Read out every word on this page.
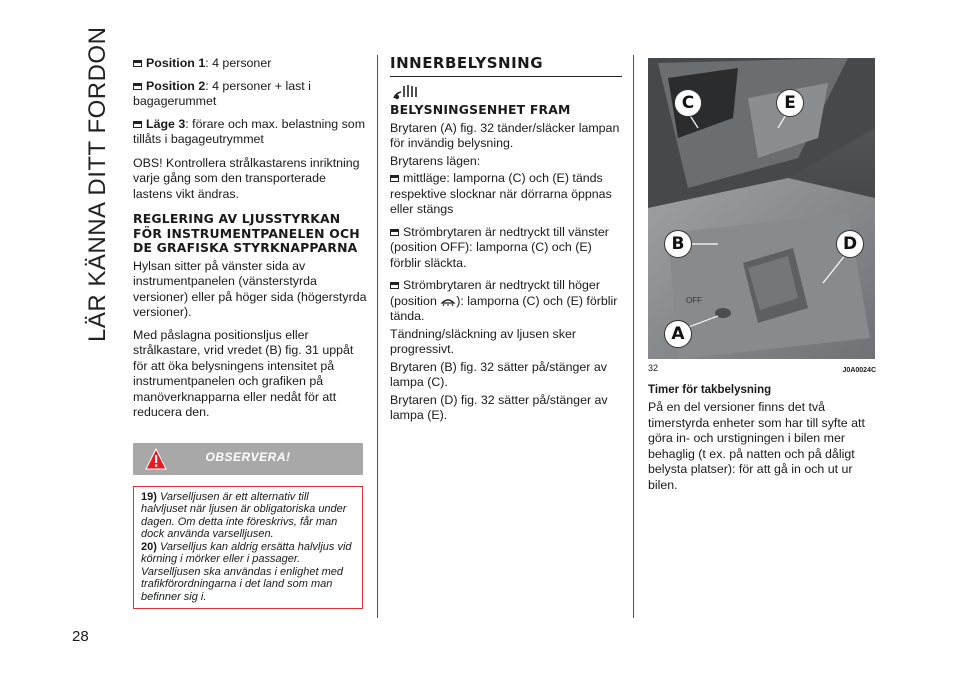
LÄR KÄNNA DITT FORDON
28

Position 1: 4 personer

Position 2: 4 personer + last i bagagerummet

Läge 3: förare och max. belastning som tillåts i bagageutrymmet

OBS! Kontrollera strålkastarens inriktning varje gång som den transporterade lastens vikt ändras.

REGLERING AV LJUSSTYRKAN FÖR INSTRUMENTPANELEN OCH DE GRAFISKA STYRKNAPPARNA

Hylsan sitter på vänster sida av instrumentpanelen (vänsterstyrda versioner) eller på höger sida (högerstyrda versioner).

Med påslagna positionsljus eller strålkastare, vrid vredet (B) fig. 31 uppåt för att öka belysningens intensitet på instrumentpanelen och grafiken på manöverknapparna eller nedåt för att reducera den.

OBSERVERA!

19) Varselljusen är ett alternativ till halvljuset när ljusen är obligatoriska under dagen. Om detta inte föreskrivs, får man dock använda varselljusen.

20) Varselljus kan aldrig ersätta halvljus vid körning i mörker eller i passager. Varselljusen ska användas i enlighet med trafikförordningarna i det land som man befinner sig i.

INNERBELYSNING
BELYSNINGSENHET FRAM

Brytaren (A) fig. 32 tänder/släcker lampan för invändig belysning.

Brytarens lägen:

mittläge: lamporna (C) och (E) tänds respektive slocknar när dörrarna öppnas eller stängs

Strömbrytaren är nedtryckt till vänster (position OFF): lamporna (C) och (E) förblir släckta.

Strömbrytaren är nedtryckt till höger (position ): lamporna (C) och (E) förblir tända.

Tändning/släckning av ljusen sker progressivt.

Brytaren (B) fig. 32 sätter på/stänger av lampa (C).

Brytaren (D) fig. 32 sätter på/stänger av lampa (E).

OFF
C	E
B	D
A
32	J0A0024C
Timer för takbelysning

På en del versioner finns det två timerstyrda enheter som har till syfte att göra in- och urstigningen i bilen mer behaglig (t ex. på natten och på dåligt belysta platser): för att gå in och ut ur bilen.
